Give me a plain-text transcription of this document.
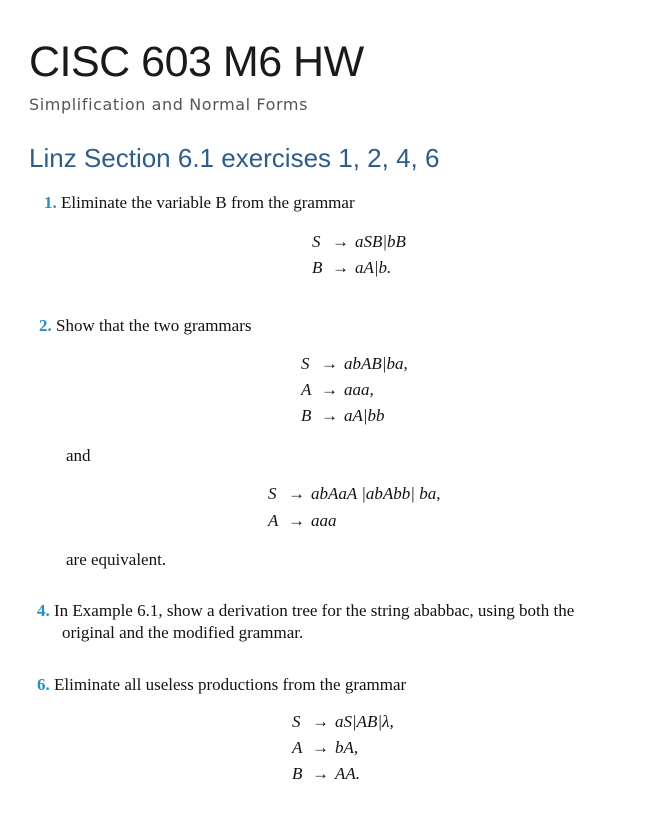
CISC 603 M6 HW
Simplification and Normal Forms
Linz Section 6.1 exercises 1, 2, 4, 6
1. Eliminate the variable B from the grammar
S → aSB|bB
B → aA|b.
2. Show that the two grammars
S → abAB|ba,
A → aaa,
B → aA|bb
and
S → abAaA |abAbb| ba,
A → aaa
are equivalent.
4. In Example 6.1, show a derivation tree for the string ababbac, using both the
original and the modified grammar.
6. Eliminate all useless productions from the grammar
S → aS|AB|λ,
A → bA,
B → AA.
